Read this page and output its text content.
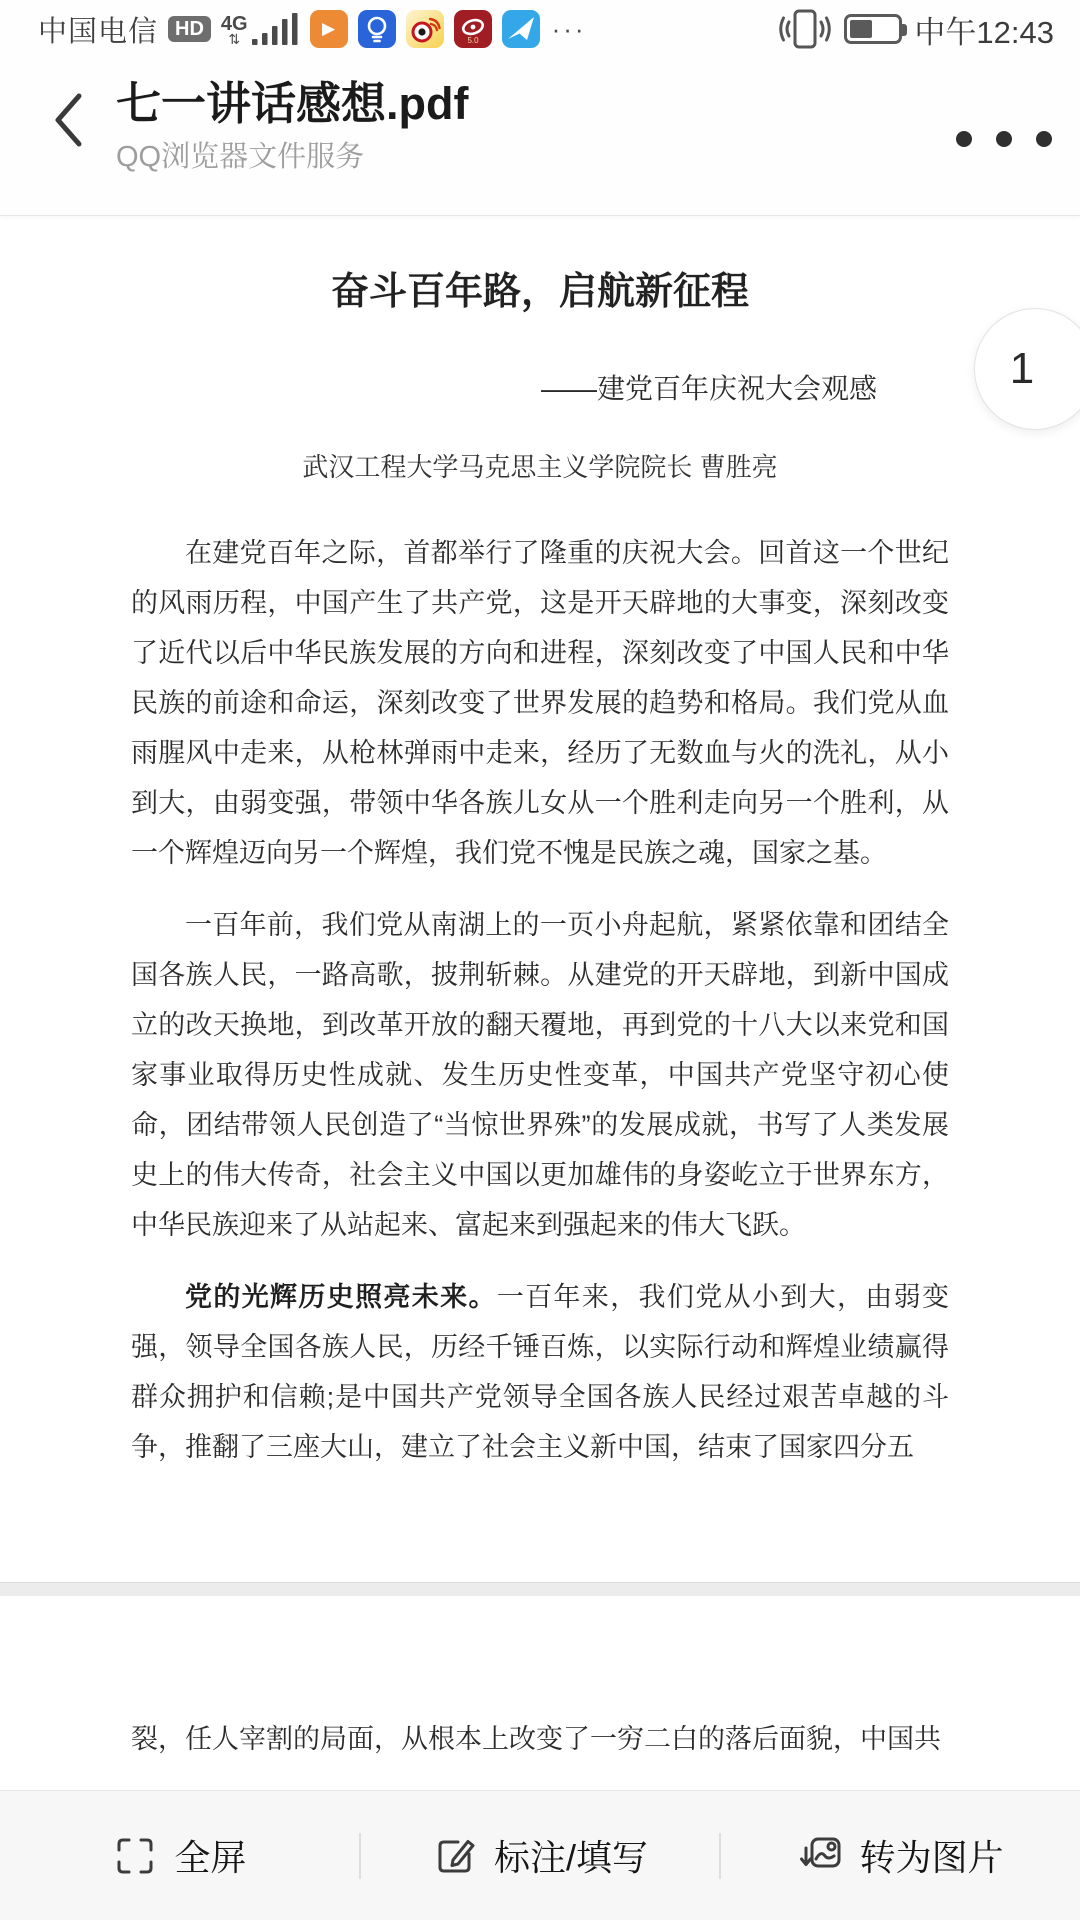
中国电信 HD 4G
⇅
▶
5.0	···	中午12:43
七一讲话感想.pdf
QQ浏览器文件服务
奋斗百年路，启航新征程
——建党百年庆祝大会观感
武汉工程大学马克思主义学院院长 曹胜亮

在建党百年之际，首都举行了隆重的庆祝大会。回首这一个世纪的风雨历程，中国产生了共产党，这是开天辟地的大事变，深刻改变了近代以后中华民族发展的方向和进程，深刻改变了中国人民和中华民族的前途和命运，深刻改变了世界发展的趋势和格局。我们党从血雨腥风中走来，从枪林弹雨中走来，经历了无数血与火的洗礼，从小到大，由弱变强，带领中华各族儿女从一个胜利走向另一个胜利，从一个辉煌迈向另一个辉煌，我们党不愧是民族之魂，国家之基。

一百年前，我们党从南湖上的一页小舟起航，紧紧依靠和团结全国各族人民，一路高歌，披荆斩棘。从建党的开天辟地，到新中国成立的改天换地，到改革开放的翻天覆地，再到党的十八大以来党和国家事业取得历史性成就、发生历史性变革，中国共产党坚守初心使命，团结带领人民创造了“当惊世界殊”的发展成就，书写了人类发展史上的伟大传奇，社会主义中国以更加雄伟的身姿屹立于世界东方，中华民族迎来了从站起来、富起来到强起来的伟大飞跃。

党的光辉历史照亮未来。一百年来，我们党从小到大，由弱变强，领导全国各族人民，历经千锤百炼，以实际行动和辉煌业绩赢得群众拥护和信赖;是中国共产党领导全国各族人民经过艰苦卓越的斗争，推翻了三座大山，建立了社会主义新中国，结束了国家四分五

裂，任人宰割的局面，从根本上改变了一穷二白的落后面貌，中国共

1
全屏	标注/填写	转为图片
